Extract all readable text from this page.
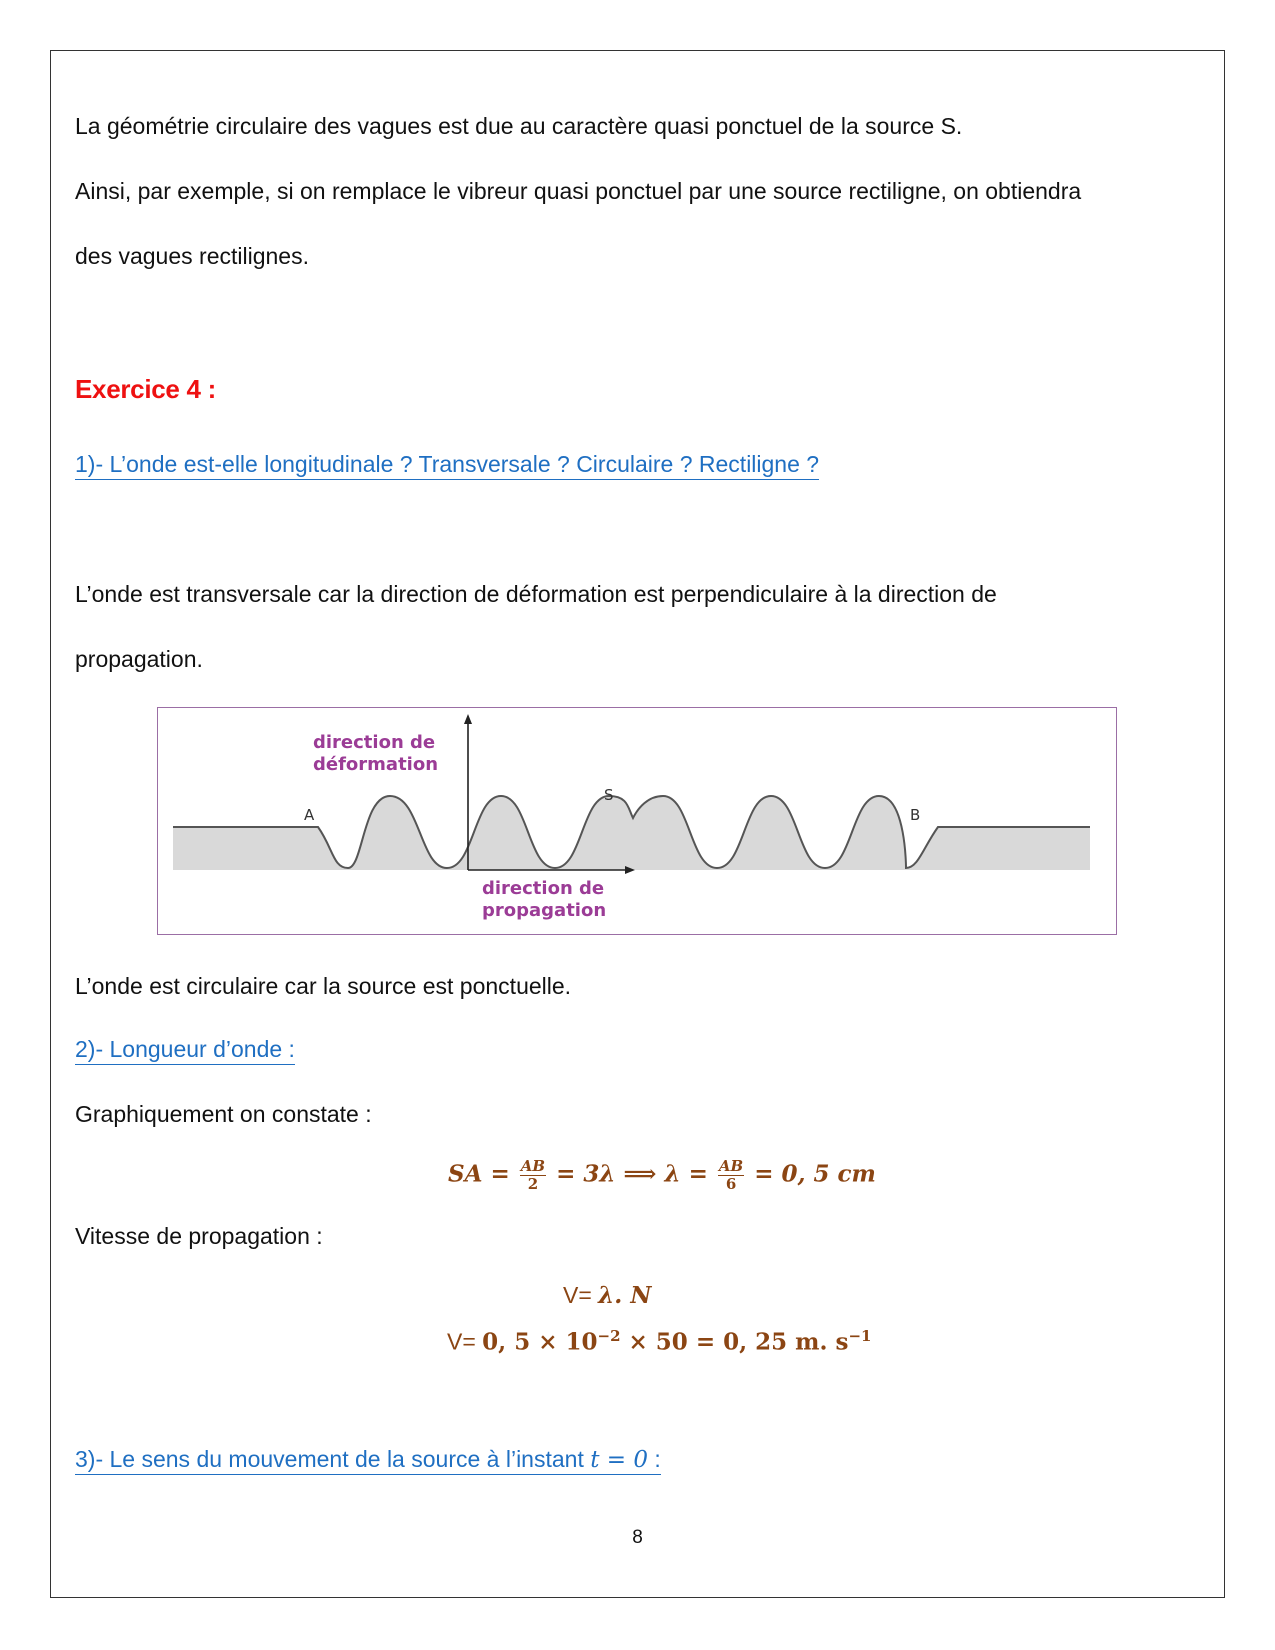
La géométrie circulaire des vagues est due au caractère quasi ponctuel de la source S.
Ainsi, par exemple, si on remplace le vibreur quasi ponctuel par une source rectiligne, on obtiendra
des vagues rectilignes.
Exercice 4 :
1)- L’onde est-elle longitudinale ? Transversale ? Circulaire ? Rectiligne ?
L’onde est transversale car la direction de déformation est perpendiculaire à la direction de
propagation.
direction de
déformation
direction de
propagation
A
S
B
L’onde est circulaire car la source est ponctuelle.
2)- Longueur d’onde :
Graphiquement on constate :
SA = $\frac{AB}{2} = 3\lambda$ ⟹ $\lambda = \frac{AB}{6} = 0$, 5 cm
Vitesse de propagation :
V= λ. N
V= 0, $5 \times 10^{-2} \times 50 = 0$, 25 m. $s^{-1}$
3)- Le sens du mouvement de la source à l’instant t = 0 :
8
